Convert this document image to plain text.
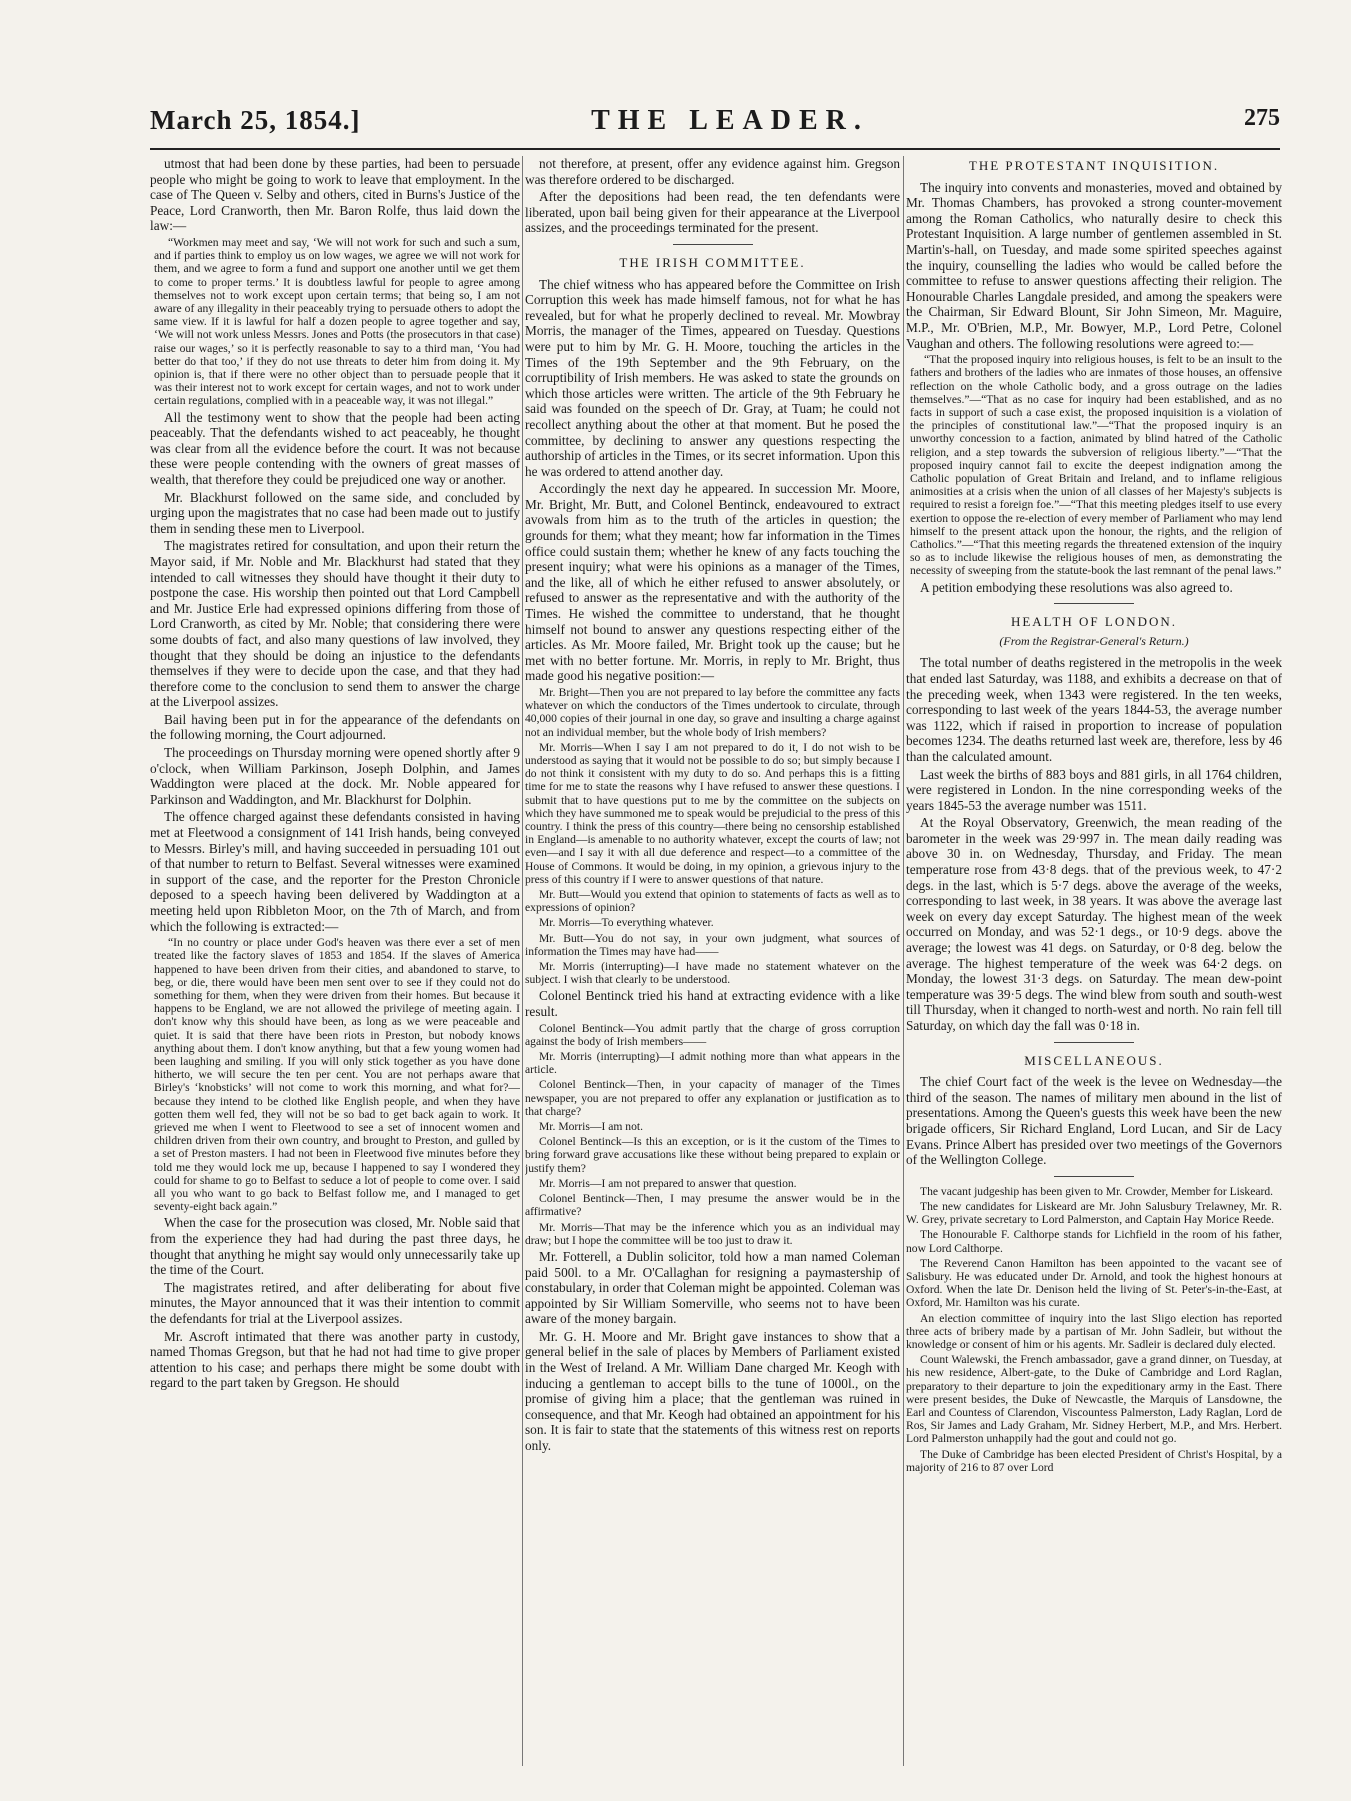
March 25, 1854.]	THE LEADER.	275

utmost that had been done by these parties, had been to persuade people who might be going to work to leave that employment. In the case of The Queen v. Selby and others, cited in Burns's Justice of the Peace, Lord Cranworth, then Mr. Baron Rolfe, thus laid down the law:—

“Workmen may meet and say, ‘We will not work for such and such a sum, and if parties think to employ us on low wages, we agree we will not work for them, and we agree to form a fund and support one another until we get them to come to proper terms.’ It is doubtless lawful for people to agree among themselves not to work except upon certain terms; that being so, I am not aware of any illegality in their peaceably trying to persuade others to adopt the same view. If it is lawful for half a dozen people to agree together and say, ‘We will not work unless Messrs. Jones and Potts (the prosecutors in that case) raise our wages,’ so it is perfectly reasonable to say to a third man, ‘You had better do that too,’ if they do not use threats to deter him from doing it. My opinion is, that if there were no other object than to persuade people that it was their interest not to work except for certain wages, and not to work under certain regulations, complied with in a peaceable way, it was not illegal.”

All the testimony went to show that the people had been acting peaceably. That the defendants wished to act peaceably, he thought was clear from all the evidence before the court. It was not because these were people contending with the owners of great masses of wealth, that therefore they could be prejudiced one way or another.

Mr. Blackhurst followed on the same side, and concluded by urging upon the magistrates that no case had been made out to justify them in sending these men to Liverpool.

The magistrates retired for consultation, and upon their return the Mayor said, if Mr. Noble and Mr. Blackhurst had stated that they intended to call witnesses they should have thought it their duty to postpone the case. His worship then pointed out that Lord Campbell and Mr. Justice Erle had expressed opinions differing from those of Lord Cranworth, as cited by Mr. Noble; that considering there were some doubts of fact, and also many questions of law involved, they thought that they should be doing an injustice to the defendants themselves if they were to decide upon the case, and that they had therefore come to the conclusion to send them to answer the charge at the Liverpool assizes.

Bail having been put in for the appearance of the defendants on the following morning, the Court adjourned.

The proceedings on Thursday morning were opened shortly after 9 o'clock, when William Parkinson, Joseph Dolphin, and James Waddington were placed at the dock. Mr. Noble appeared for Parkinson and Waddington, and Mr. Blackhurst for Dolphin.

The offence charged against these defendants consisted in having met at Fleetwood a consignment of 141 Irish hands, being conveyed to Messrs. Birley's mill, and having succeeded in persuading 101 out of that number to return to Belfast. Several witnesses were examined in support of the case, and the reporter for the Preston Chronicle deposed to a speech having been delivered by Waddington at a meeting held upon Ribbleton Moor, on the 7th of March, and from which the following is extracted:—

“In no country or place under God's heaven was there ever a set of men treated like the factory slaves of 1853 and 1854. If the slaves of America happened to have been driven from their cities, and abandoned to starve, to beg, or die, there would have been men sent over to see if they could not do something for them, when they were driven from their homes. But because it happens to be England, we are not allowed the privilege of meeting again. I don't know why this should have been, as long as we were peaceable and quiet. It is said that there have been riots in Preston, but nobody knows anything about them. I don't know anything, but that a few young women had been laughing and smiling. If you will only stick together as you have done hitherto, we will secure the ten per cent. You are not perhaps aware that Birley's ‘knobsticks’ will not come to work this morning, and what for?—because they intend to be clothed like English people, and when they have gotten them well fed, they will not be so bad to get back again to work. It grieved me when I went to Fleetwood to see a set of innocent women and children driven from their own country, and brought to Preston, and gulled by a set of Preston masters. I had not been in Fleetwood five minutes before they told me they would lock me up, because I happened to say I wondered they could for shame to go to Belfast to seduce a lot of people to come over. I said all you who want to go back to Belfast follow me, and I managed to get seventy-eight back again.”

When the case for the prosecution was closed, Mr. Noble said that from the experience they had had during the past three days, he thought that anything he might say would only unnecessarily take up the time of the Court.

The magistrates retired, and after deliberating for about five minutes, the Mayor announced that it was their intention to commit the defendants for trial at the Liverpool assizes.

Mr. Ascroft intimated that there was another party in custody, named Thomas Gregson, but that he had not had time to give proper attention to his case; and perhaps there might be some doubt with regard to the part taken by Gregson. He should

not therefore, at present, offer any evidence against him. Gregson was therefore ordered to be discharged.

After the depositions had been read, the ten defendants were liberated, upon bail being given for their appearance at the Liverpool assizes, and the proceedings terminated for the present.

THE IRISH COMMITTEE.

The chief witness who has appeared before the Committee on Irish Corruption this week has made himself famous, not for what he has revealed, but for what he properly declined to reveal. Mr. Mowbray Morris, the manager of the Times, appeared on Tuesday. Questions were put to him by Mr. G. H. Moore, touching the articles in the Times of the 19th September and the 9th February, on the corruptibility of Irish members. He was asked to state the grounds on which those articles were written. The article of the 9th February he said was founded on the speech of Dr. Gray, at Tuam; he could not recollect anything about the other at that moment. But he posed the committee, by declining to answer any questions respecting the authorship of articles in the Times, or its secret information. Upon this he was ordered to attend another day.

Accordingly the next day he appeared. In succession Mr. Moore, Mr. Bright, Mr. Butt, and Colonel Bentinck, endeavoured to extract avowals from him as to the truth of the articles in question; the grounds for them; what they meant; how far information in the Times office could sustain them; whether he knew of any facts touching the present inquiry; what were his opinions as a manager of the Times, and the like, all of which he either refused to answer absolutely, or refused to answer as the representative and with the authority of the Times. He wished the committee to understand, that he thought himself not bound to answer any questions respecting either of the articles. As Mr. Moore failed, Mr. Bright took up the cause; but he met with no better fortune. Mr. Morris, in reply to Mr. Bright, thus made good his negative position:—

Mr. Bright—Then you are not prepared to lay before the committee any facts whatever on which the conductors of the Times undertook to circulate, through 40,000 copies of their journal in one day, so grave and insulting a charge against not an individual member, but the whole body of Irish members?

Mr. Morris—When I say I am not prepared to do it, I do not wish to be understood as saying that it would not be possible to do so; but simply because I do not think it consistent with my duty to do so. And perhaps this is a fitting time for me to state the reasons why I have refused to answer these questions. I submit that to have questions put to me by the committee on the subjects on which they have summoned me to speak would be prejudicial to the press of this country. I think the press of this country—there being no censorship established in England—is amenable to no authority whatever, except the courts of law; not even—and I say it with all due deference and respect—to a committee of the House of Commons. It would be doing, in my opinion, a grievous injury to the press of this country if I were to answer questions of that nature.

Mr. Butt—Would you extend that opinion to statements of facts as well as to expressions of opinion?

Mr. Morris—To everything whatever.

Mr. Butt—You do not say, in your own judgment, what sources of information the Times may have had——

Mr. Morris (interrupting)—I have made no statement whatever on the subject. I wish that clearly to be understood.

Colonel Bentinck tried his hand at extracting evidence with a like result.

Colonel Bentinck—You admit partly that the charge of gross corruption against the body of Irish members——

Mr. Morris (interrupting)—I admit nothing more than what appears in the article.

Colonel Bentinck—Then, in your capacity of manager of the Times newspaper, you are not prepared to offer any explanation or justification as to that charge?

Mr. Morris—I am not.

Colonel Bentinck—Is this an exception, or is it the custom of the Times to bring forward grave accusations like these without being prepared to explain or justify them?

Mr. Morris—I am not prepared to answer that question.

Colonel Bentinck—Then, I may presume the answer would be in the affirmative?

Mr. Morris—That may be the inference which you as an individual may draw; but I hope the committee will be too just to draw it.

Mr. Fotterell, a Dublin solicitor, told how a man named Coleman paid 500l. to a Mr. O'Callaghan for resigning a paymastership of constabulary, in order that Coleman might be appointed. Coleman was appointed by Sir William Somerville, who seems not to have been aware of the money bargain.

Mr. G. H. Moore and Mr. Bright gave instances to show that a general belief in the sale of places by Members of Parliament existed in the West of Ireland. A Mr. William Dane charged Mr. Keogh with inducing a gentleman to accept bills to the tune of 1000l., on the promise of giving him a place; that the gentleman was ruined in consequence, and that Mr. Keogh had obtained an appointment for his son. It is fair to state that the statements of this witness rest on reports only.

THE PROTESTANT INQUISITION.

The inquiry into convents and monasteries, moved and obtained by Mr. Thomas Chambers, has provoked a strong counter-movement among the Roman Catholics, who naturally desire to check this Protestant Inquisition. A large number of gentlemen assembled in St. Martin's-hall, on Tuesday, and made some spirited speeches against the inquiry, counselling the ladies who would be called before the committee to refuse to answer questions affecting their religion. The Honourable Charles Langdale presided, and among the speakers were the Chairman, Sir Edward Blount, Sir John Simeon, Mr. Maguire, M.P., Mr. O'Brien, M.P., Mr. Bowyer, M.P., Lord Petre, Colonel Vaughan and others. The following resolutions were agreed to:—

“That the proposed inquiry into religious houses, is felt to be an insult to the fathers and brothers of the ladies who are inmates of those houses, an offensive reflection on the whole Catholic body, and a gross outrage on the ladies themselves.”—“That as no case for inquiry had been established, and as no facts in support of such a case exist, the proposed inquisition is a violation of the principles of constitutional law.”—“That the proposed inquiry is an unworthy concession to a faction, animated by blind hatred of the Catholic religion, and a step towards the subversion of religious liberty.”—“That the proposed inquiry cannot fail to excite the deepest indignation among the Catholic population of Great Britain and Ireland, and to inflame religious animosities at a crisis when the union of all classes of her Majesty's subjects is required to resist a foreign foe.”—“That this meeting pledges itself to use every exertion to oppose the re-election of every member of Parliament who may lend himself to the present attack upon the honour, the rights, and the religion of Catholics.”—“That this meeting regards the threatened extension of the inquiry so as to include likewise the religious houses of men, as demonstrating the necessity of sweeping from the statute-book the last remnant of the penal laws.”

A petition embodying these resolutions was also agreed to.

HEALTH OF LONDON.
(From the Registrar-General's Return.)

The total number of deaths registered in the metropolis in the week that ended last Saturday, was 1188, and exhibits a decrease on that of the preceding week, when 1343 were registered. In the ten weeks, corresponding to last week of the years 1844-53, the average number was 1122, which if raised in proportion to increase of population becomes 1234. The deaths returned last week are, therefore, less by 46 than the calculated amount.

Last week the births of 883 boys and 881 girls, in all 1764 children, were registered in London. In the nine corresponding weeks of the years 1845-53 the average number was 1511.

At the Royal Observatory, Greenwich, the mean reading of the barometer in the week was 29·997 in. The mean daily reading was above 30 in. on Wednesday, Thursday, and Friday. The mean temperature rose from 43·8 degs. that of the previous week, to 47·2 degs. in the last, which is 5·7 degs. above the average of the weeks, corresponding to last week, in 38 years. It was above the average last week on every day except Saturday. The highest mean of the week occurred on Monday, and was 52·1 degs., or 10·9 degs. above the average; the lowest was 41 degs. on Saturday, or 0·8 deg. below the average. The highest temperature of the week was 64·2 degs. on Monday, the lowest 31·3 degs. on Saturday. The mean dew-point temperature was 39·5 degs. The wind blew from south and south-west till Thursday, when it changed to north-west and north. No rain fell till Saturday, on which day the fall was 0·18 in.

MISCELLANEOUS.

The chief Court fact of the week is the levee on Wednesday—the third of the season. The names of military men abound in the list of presentations. Among the Queen's guests this week have been the new brigade officers, Sir Richard England, Lord Lucan, and Sir de Lacy Evans. Prince Albert has presided over two meetings of the Governors of the Wellington College.

The vacant judgeship has been given to Mr. Crowder, Member for Liskeard.

The new candidates for Liskeard are Mr. John Salusbury Trelawney, Mr. R. W. Grey, private secretary to Lord Palmerston, and Captain Hay Morice Reede.

The Honourable F. Calthorpe stands for Lichfield in the room of his father, now Lord Calthorpe.

The Reverend Canon Hamilton has been appointed to the vacant see of Salisbury. He was educated under Dr. Arnold, and took the highest honours at Oxford. When the late Dr. Denison held the living of St. Peter's-in-the-East, at Oxford, Mr. Hamilton was his curate.

An election committee of inquiry into the last Sligo election has reported three acts of bribery made by a partisan of Mr. John Sadleir, but without the knowledge or consent of him or his agents. Mr. Sadleir is declared duly elected.

Count Walewski, the French ambassador, gave a grand dinner, on Tuesday, at his new residence, Albert-gate, to the Duke of Cambridge and Lord Raglan, preparatory to their departure to join the expeditionary army in the East. There were present besides, the Duke of Newcastle, the Marquis of Lansdowne, the Earl and Countess of Clarendon, Viscountess Palmerston, Lady Raglan, Lord de Ros, Sir James and Lady Graham, Mr. Sidney Herbert, M.P., and Mrs. Herbert. Lord Palmerston unhappily had the gout and could not go.

The Duke of Cambridge has been elected President of Christ's Hospital, by a majority of 216 to 87 over Lord
